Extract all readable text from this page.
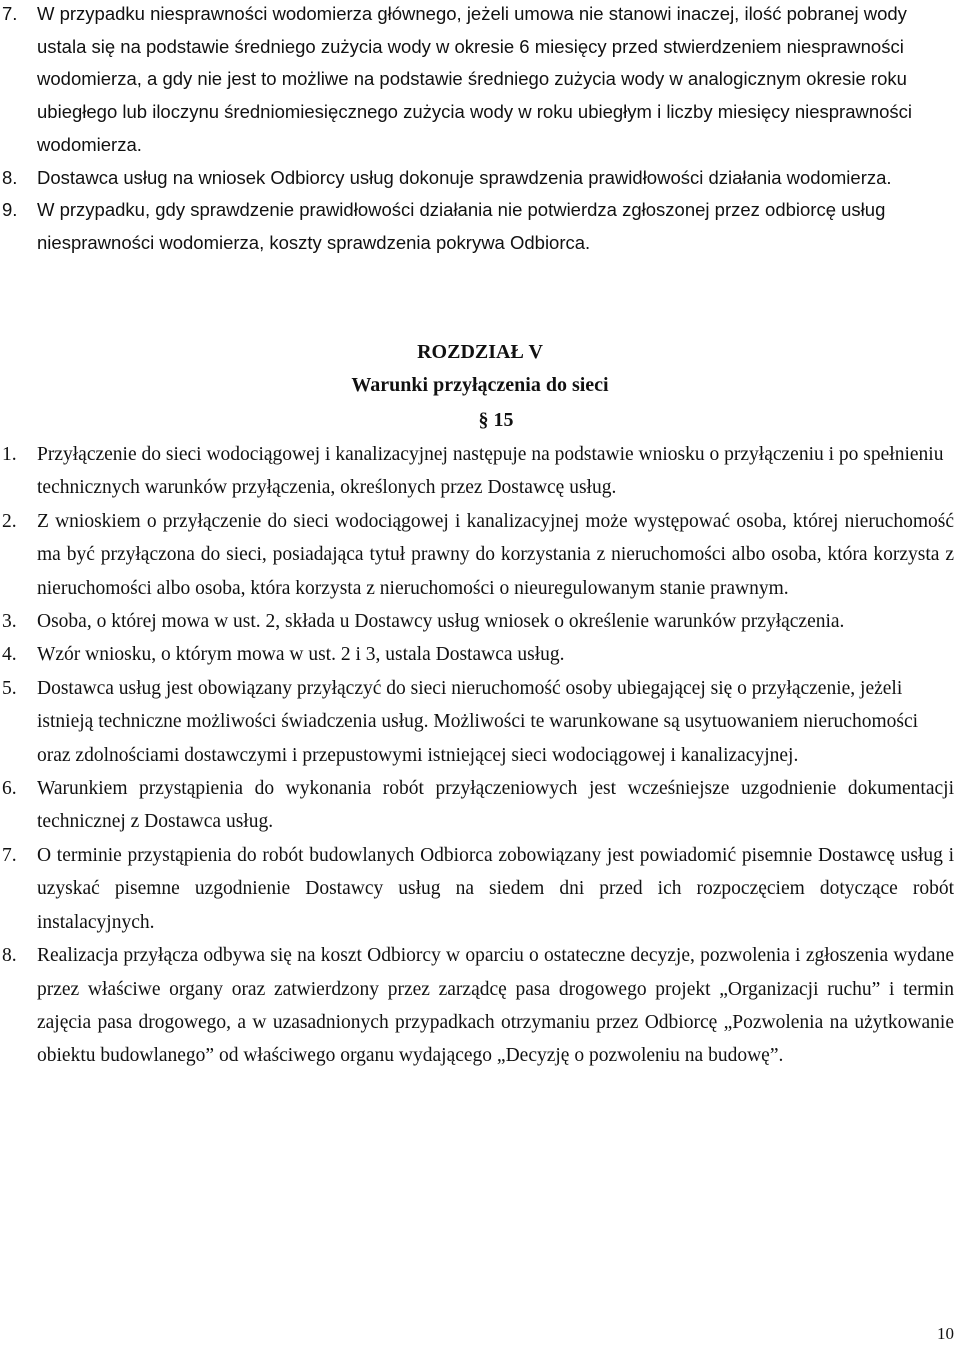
7.	W przypadku niesprawności wodomierza głównego, jeżeli umowa nie stanowi inaczej, ilość pobranej wody ustala się na podstawie średniego zużycia wody w okresie 6 miesięcy przed stwierdzeniem niesprawności wodomierza, a gdy nie jest to możliwe na podstawie średniego zużycia wody w analogicznym okresie roku ubiegłego lub iloczynu średniomiesięcznego zużycia wody w roku ubiegłym i liczby miesięcy niesprawności wodomierza.
8.	Dostawca usług na wniosek Odbiorcy usług dokonuje sprawdzenia prawidłowości działania wodomierza.
9.	W przypadku, gdy sprawdzenie prawidłowości działania nie potwierdza zgłoszonej przez odbiorcę usług niesprawności wodomierza, koszty sprawdzenia pokrywa Odbiorca.
ROZDZIAŁ V
Warunki przyłączenia do sieci
§ 15
1.	Przyłączenie do sieci wodociągowej i kanalizacyjnej następuje na podstawie wniosku o przyłączeniu i po spełnieniu technicznych warunków przyłączenia, określonych przez Dostawcę usług.
2.	Z wnioskiem o przyłączenie do sieci wodociągowej i kanalizacyjnej może występować osoba, której nieruchomość ma być przyłączona do sieci, posiadająca tytuł prawny do korzystania z nieruchomości albo osoba, która korzysta z nieruchomości albo osoba, która korzysta z nieruchomości o nieuregulowanym stanie prawnym.
3.	Osoba, o której mowa w ust. 2, składa u Dostawcy usług wniosek o określenie warunków przyłączenia.
4.	Wzór wniosku, o którym mowa w ust. 2 i 3, ustala Dostawca usług.
5.	Dostawca usług jest obowiązany przyłączyć do sieci nieruchomość osoby ubiegającej się o przyłączenie, jeżeli istnieją techniczne możliwości świadczenia usług. Możliwości te warunkowane są usytuowaniem nieruchomości oraz zdolnościami dostawczymi i przepustowymi istniejącej sieci wodociągowej i kanalizacyjnej.
6.	Warunkiem przystąpienia do wykonania robót przyłączeniowych jest wcześniejsze uzgodnienie dokumentacji technicznej z Dostawca usług.
7.	O terminie przystąpienia do robót budowlanych Odbiorca zobowiązany jest powiadomić pisemnie Dostawcę usług i uzyskać pisemne uzgodnienie Dostawcy usług na siedem dni przed ich rozpoczęciem dotyczące robót instalacyjnych.
8.	Realizacja przyłącza odbywa się na koszt Odbiorcy w oparciu o ostateczne decyzje, pozwolenia i zgłoszenia wydane przez właściwe organy oraz zatwierdzony przez zarządcę pasa drogowego projekt „Organizacji ruchu” i termin zajęcia pasa drogowego, a w uzasadnionych przypadkach otrzymaniu przez Odbiorcę „Pozwolenia na użytkowanie obiektu budowlanego” od właściwego organu wydającego „Decyzję o pozwoleniu na budowę”.
10
